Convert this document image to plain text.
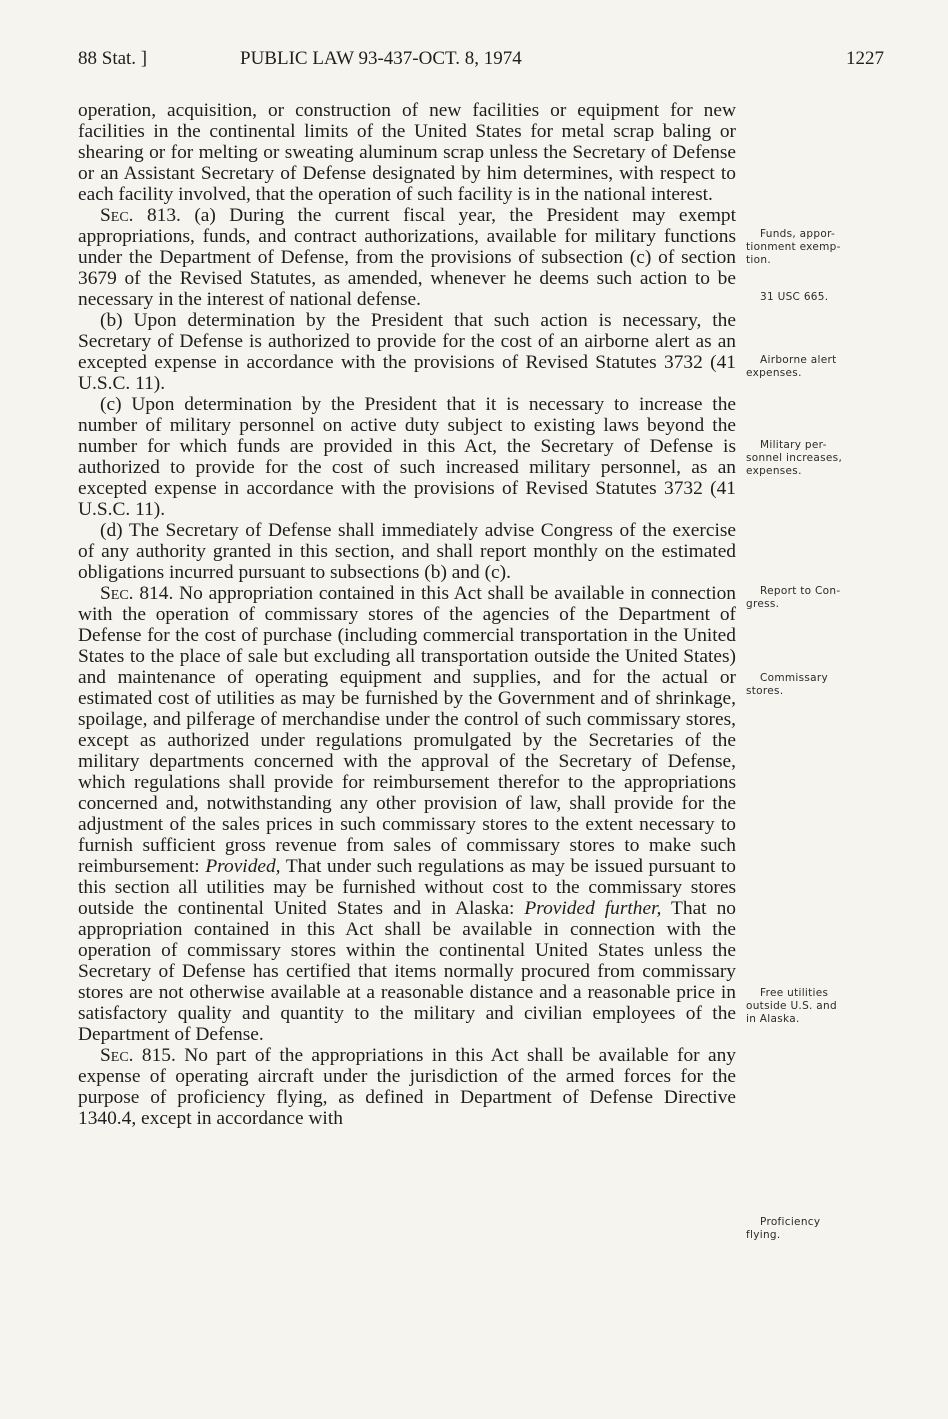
88 Stat. ]	PUBLIC LAW 93-437-OCT. 8, 1974	1227

operation, acquisition, or construction of new facilities or equipment for new facilities in the continental limits of the United States for metal scrap baling or shearing or for melting or sweating aluminum scrap unless the Secretary of Defense or an Assistant Secretary of Defense designated by him determines, with respect to each facility involved, that the operation of such facility is in the national interest.

Sec. 813. (a) During the current fiscal year, the President may exempt appropriations, funds, and contract authorizations, available for military functions under the Department of Defense, from the provisions of subsection (c) of section 3679 of the Revised Statutes, as amended, whenever he deems such action to be necessary in the interest of national defense.

(b) Upon determination by the President that such action is necessary, the Secretary of Defense is authorized to provide for the cost of an airborne alert as an excepted expense in accordance with the provisions of Revised Statutes 3732 (41 U.S.C. 11).

(c) Upon determination by the President that it is necessary to increase the number of military personnel on active duty subject to existing laws beyond the number for which funds are provided in this Act, the Secretary of Defense is authorized to provide for the cost of such increased military personnel, as an excepted expense in accordance with the provisions of Revised Statutes 3732 (41 U.S.C. 11).

(d) The Secretary of Defense shall immediately advise Congress of the exercise of any authority granted in this section, and shall report monthly on the estimated obligations incurred pursuant to subsections (b) and (c).

Sec. 814. No appropriation contained in this Act shall be available in connection with the operation of commissary stores of the agencies of the Department of Defense for the cost of purchase (including commercial transportation in the United States to the place of sale but excluding all transportation outside the United States) and maintenance of operating equipment and supplies, and for the actual or estimated cost of utilities as may be furnished by the Government and of shrinkage, spoilage, and pilferage of merchandise under the control of such commissary stores, except as authorized under regulations promulgated by the Secretaries of the military departments concerned with the approval of the Secretary of Defense, which regulations shall provide for reimbursement therefor to the appropriations concerned and, notwithstanding any other provision of law, shall provide for the adjustment of the sales prices in such commissary stores to the extent necessary to furnish sufficient gross revenue from sales of commissary stores to make such reimbursement: Provided, That under such regulations as may be issued pursuant to this section all utilities may be furnished without cost to the commissary stores outside the continental United States and in Alaska: Provided further, That no appropriation contained in this Act shall be available in connection with the operation of commissary stores within the continental United States unless the Secretary of Defense has certified that items normally procured from commissary stores are not otherwise available at a reasonable distance and a reasonable price in satisfactory quality and quantity to the military and civilian employees of the Department of Defense.

Sec. 815. No part of the appropriations in this Act shall be available for any expense of operating aircraft under the jurisdiction of the armed forces for the purpose of proficiency flying, as defined in Department of Defense Directive 1340.4, except in accordance with

Funds, appor-
tionment exemp-
tion.
31 USC 665.
Airborne alert
expenses.
Military per-
sonnel increases,
expenses.
Report to Con-
gress.
Commissary
stores.
Free utilities
outside U.S. and
in Alaska.
Proficiency
flying.
